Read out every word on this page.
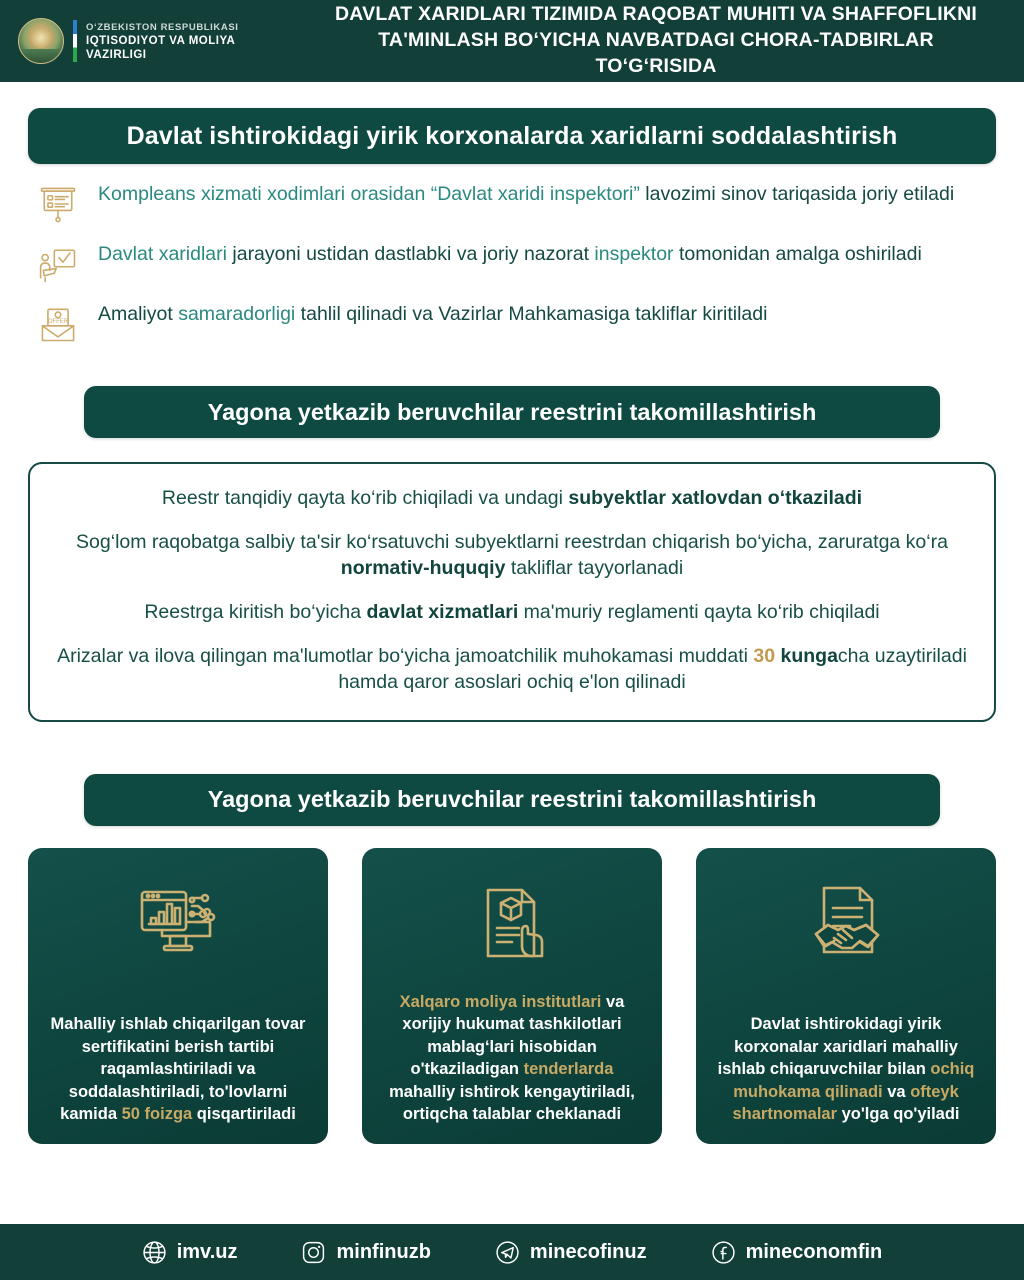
O‘ZBEKISTON RESPUBLIKASI
IQTISODIYOT VA MOLIYA
VAZIRLIGI
DAVLAT XARIDLARI TIZIMIDA RAQOBAT MUHITI VA SHAFFOFLIKNI
TA'MINLASH BO‘YICHA NAVBATDAGI CHORA-TADBIRLAR TO‘G‘RISIDA
Davlat ishtirokidagi yirik korxonalarda xaridlarni soddalashtirish
Kompleans xizmati xodimlari orasidan “Davlat xaridi inspektori” lavozimi sinov tariqasida joriy etiladi
Davlat xaridlari jarayoni ustidan dastlabki va joriy nazorat inspektor tomonidan amalga oshiriladi
OFFER Amaliyot samaradorligi tahlil qilinadi va Vazirlar Mahkamasiga takliflar kiritiladi
Yagona yetkazib beruvchilar reestrini takomillashtirish
Reestr tanqidiy qayta ko‘rib chiqiladi va undagi subyektlar xatlovdan o‘tkaziladi
Sog‘lom raqobatga salbiy ta'sir ko‘rsatuvchi subyektlarni reestrdan chiqarish bo‘yicha, zaruratga ko‘ra normativ-huquqiy takliflar tayyorlanadi
Reestrga kiritish bo‘yicha davlat xizmatlari ma'muriy reglamenti qayta ko‘rib chiqiladi
Arizalar va ilova qilingan ma'lumotlar bo‘yicha jamoatchilik muhokamasi muddati 30 kungacha uzaytiriladi hamda qaror asoslari ochiq e'lon qilinadi
Yagona yetkazib beruvchilar reestrini takomillashtirish
Mahalliy ishlab chiqarilgan tovar sertifikatini berish tartibi raqamlashtiriladi va soddalashtiriladi, to'lovlarni kamida 50 foizga qisqartiriladi
Xalqaro moliya institutlari va xorijiy hukumat tashkilotlari mablag‘lari hisobidan o'tkaziladigan tenderlarda mahalliy ishtirok kengaytiriladi, ortiqcha talablar cheklanadi
Davlat ishtirokidagi yirik korxonalar xaridlari mahalliy ishlab chiqaruvchilar bilan ochiq muhokama qilinadi va ofteyk shartnomalar yo'lga qo'yiladi
imv.uz	minfinuzb	minecofinuz	mineconomfin
